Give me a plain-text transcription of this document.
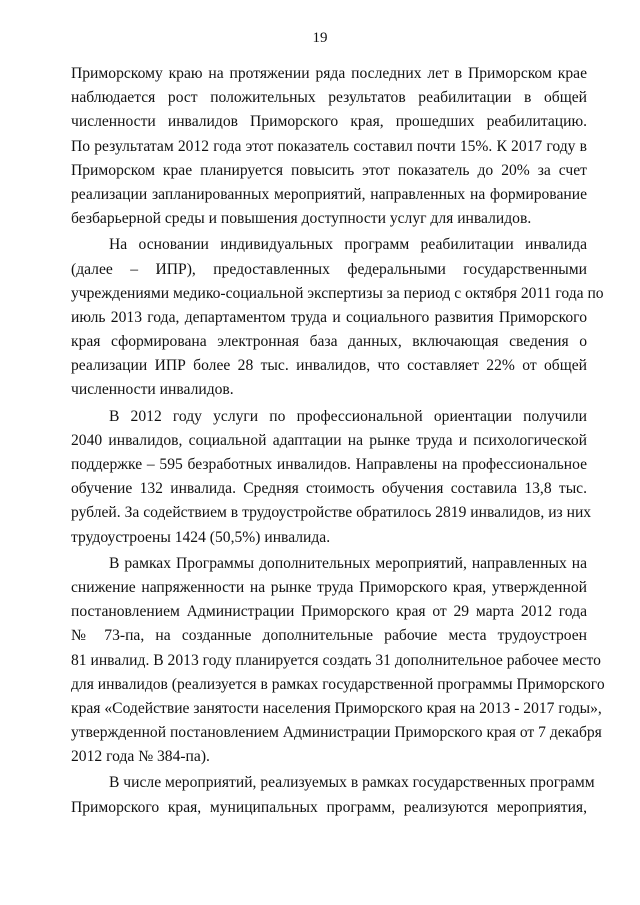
19
Приморскому краю на протяжении ряда последних лет в Приморском крае
наблюдается рост положительных результатов реабилитации в общей
численности инвалидов Приморского края, прошедших реабилитацию.
По результатам 2012 года этот показатель составил почти 15%. К 2017 году в
Приморском крае планируется повысить этот показатель до 20% за счет
реализации запланированных мероприятий, направленных на формирование
безбарьерной среды и повышения доступности услуг для инвалидов.
На основании индивидуальных программ реабилитации инвалида
(далее – ИПР), предоставленных федеральными государственными
учреждениями медико-социальной экспертизы за период с октября 2011 года по
июль 2013 года, департаментом труда и социального развития Приморского
края сформирована электронная база данных, включающая сведения о
реализации ИПР более 28 тыс. инвалидов, что составляет 22% от общей
численности инвалидов.
В 2012 году услуги по профессиональной ориентации получили
2040 инвалидов, социальной адаптации на рынке труда и психологической
поддержке – 595 безработных инвалидов. Направлены на профессиональное
обучение 132 инвалида. Средняя стоимость обучения составила 13,8 тыс.
рублей. За содействием в трудоустройстве обратилось 2819 инвалидов, из них
трудоустроены 1424 (50,5%) инвалида.
В рамках Программы дополнительных мероприятий, направленных на
снижение напряженности на рынке труда Приморского края, утвержденной
постановлением Администрации Приморского края от 29 марта 2012 года
№ 73-па, на созданные дополнительные рабочие места трудоустроен
81 инвалид. В 2013 году планируется создать 31 дополнительное рабочее место
для инвалидов (реализуется в рамках государственной программы Приморского
края «Содействие занятости населения Приморского края на 2013 - 2017 годы»,
утвержденной постановлением Администрации Приморского края от 7 декабря
2012 года № 384-па).
В числе мероприятий, реализуемых в рамках государственных программ
Приморского края, муниципальных программ, реализуются мероприятия,
